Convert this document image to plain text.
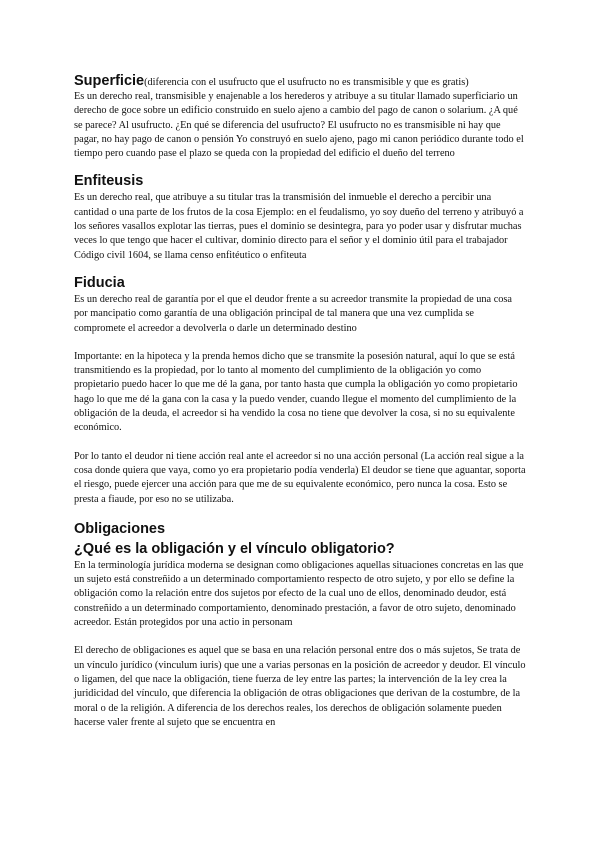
Superficie(diferencia con el usufructo que el usufructo no es transmisible y que es gratis)

Es un derecho real, transmisible y enajenable a los herederos y atribuye a su titular llamado superficiario un derecho de goce sobre un edificio construido en suelo ajeno a cambio del pago de canon o solarium. ¿A qué se parece? Al usufructo. ¿En qué se diferencia del usufructo? El usufructo no es transmisible ni hay que pagar, no hay pago de canon o pensión Yo construyó en suelo ajeno, pago mi canon periódico durante todo el tiempo pero cuando pase el plazo se queda con la propiedad del edificio el dueño del terreno

Enfiteusis

Es un derecho real, que atribuye a su titular tras la transmisión del inmueble el derecho a percibir una cantidad o una parte de los frutos de la cosa Ejemplo: en el feudalismo, yo soy dueño del terreno y atribuyó a los señores vasallos explotar las tierras, pues el dominio se desintegra, para yo poder usar y disfrutar muchas veces lo que tengo que hacer el cultivar, dominio directo para el señor y el dominio útil para el trabajador Código civil 1604, se llama censo enfitéutico o enfiteuta

Fiducia

Es un derecho real de garantía por el que el deudor frente a su acreedor transmite la propiedad de una cosa por mancipatio como garantía de una obligación principal de tal manera que una vez cumplida se compromete el acreedor a devolverla o darle un determinado destino

Importante: en la hipoteca y la prenda hemos dicho que se transmite la posesión natural, aquí lo que se está transmitiendo es la propiedad, por lo tanto al momento del cumplimiento de la obligación yo como propietario puedo hacer lo que me dé la gana, por tanto hasta que cumpla la obligación yo como propietario hago lo que me dé la gana con la casa y la puedo vender, cuando llegue el momento del cumplimiento de la obligación de la deuda, el acreedor si ha vendido la cosa no tiene que devolver la cosa, si no su equivalente económico.

Por lo tanto el deudor ni tiene acción real ante el acreedor si no una acción personal (La acción real sigue a la cosa donde quiera que vaya, como yo era propietario podía venderla) El deudor se tiene que aguantar, soporta el riesgo, puede ejercer una acción para que me de su equivalente económico, pero nunca la cosa. Esto se presta a fiaude, por eso no se utilizaba.

Obligaciones
¿Qué es la obligación y el vínculo obligatorio?

En la terminología jurídica moderna se designan como obligaciones aquellas situaciones concretas en las que un sujeto está constreñido a un determinado comportamiento respecto de otro sujeto, y por ello se define la obligación como la relación entre dos sujetos por efecto de la cual uno de ellos, denominado deudor, está constreñido a un determinado comportamiento, denominado prestación, a favor de otro sujeto, denominado acreedor. Están protegidos por una actio in personam

El derecho de obligaciones es aquel que se basa en una relación personal entre dos o más sujetos, Se trata de un vínculo jurídico (vinculum iuris) que une a varias personas en la posición de acreedor y deudor. El vínculo o ligamen, del que nace la obligación, tiene fuerza de ley entre las partes; la intervención de la ley crea la juridicidad del vínculo, que diferencia la obligación de otras obligaciones que derivan de la costumbre, de la moral o de la religión. A diferencia de los derechos reales, los derechos de obligación solamente pueden hacerse valer frente al sujeto que se encuentra en
